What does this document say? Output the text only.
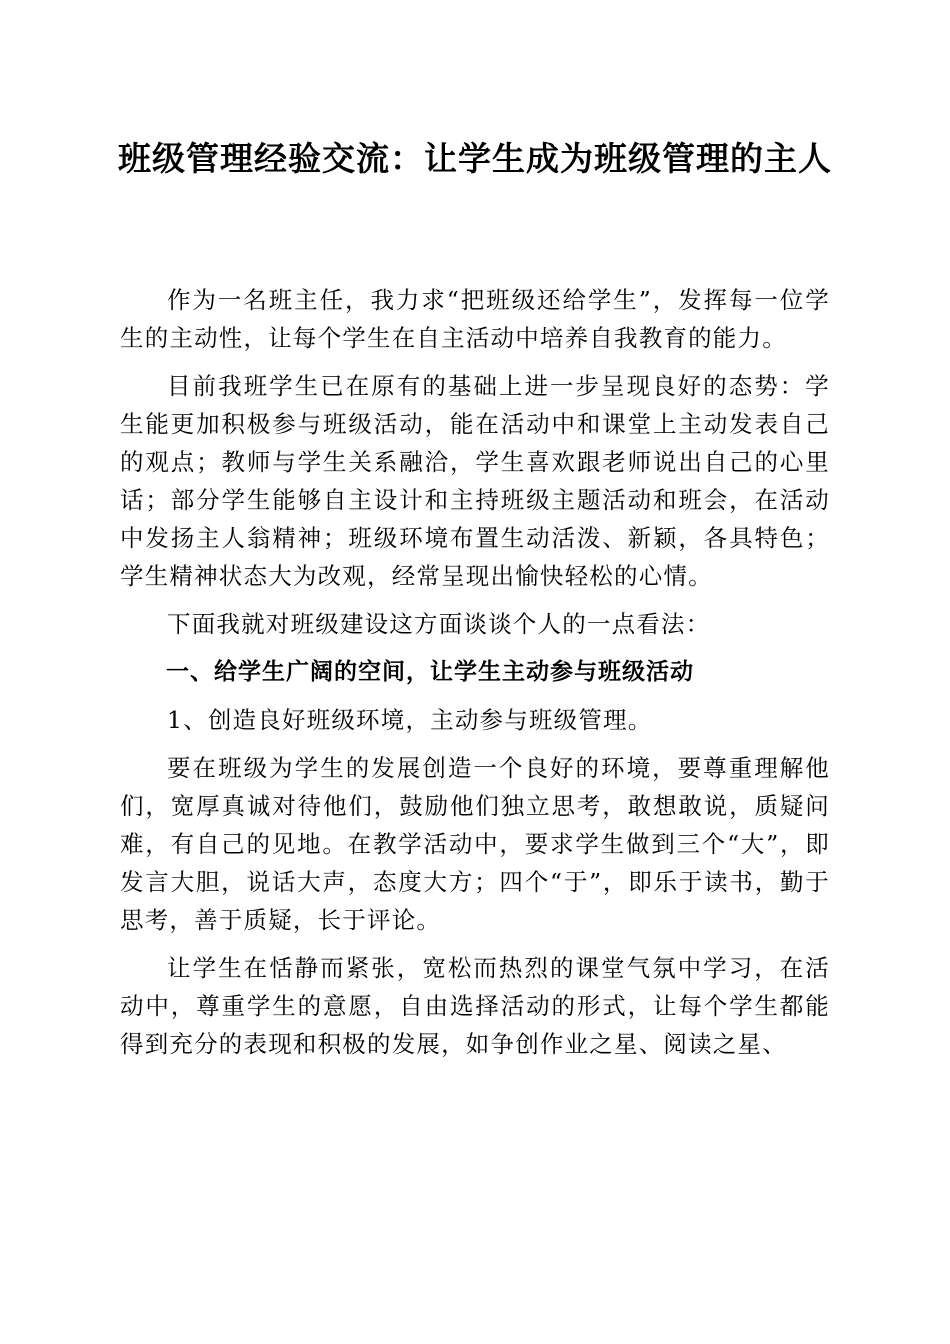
班级管理经验交流：让学生成为班级管理的主人

作为一名班主任，我力求“把班级还给学生”，发挥每一位学生的主动性，让每个学生在自主活动中培养自我教育的能力。

目前我班学生已在原有的基础上进一步呈现良好的态势：学生能更加积极参与班级活动，能在活动中和课堂上主动发表自己的观点；教师与学生关系融洽，学生喜欢跟老师说出自己的心里话；部分学生能够自主设计和主持班级主题活动和班会，在活动中发扬主人翁精神；班级环境布置生动活泼、新颖，各具特色；学生精神状态大为改观，经常呈现出愉快轻松的心情。

下面我就对班级建设这方面谈谈个人的一点看法：

一、给学生广阔的空间，让学生主动参与班级活动

1、创造良好班级环境，主动参与班级管理。

要在班级为学生的发展创造一个良好的环境，要尊重理解他们，宽厚真诚对待他们，鼓励他们独立思考，敢想敢说，质疑问难，有自己的见地。在教学活动中，要求学生做到三个“大”，即发言大胆，说话大声，态度大方；四个“于”，即乐于读书，勤于思考，善于质疑，长于评论。

让学生在恬静而紧张，宽松而热烈的课堂气氛中学习，在活动中，尊重学生的意愿，自由选择活动的形式，让每个学生都能得到充分的表现和积极的发展，如争创作业之星、阅读之星、
